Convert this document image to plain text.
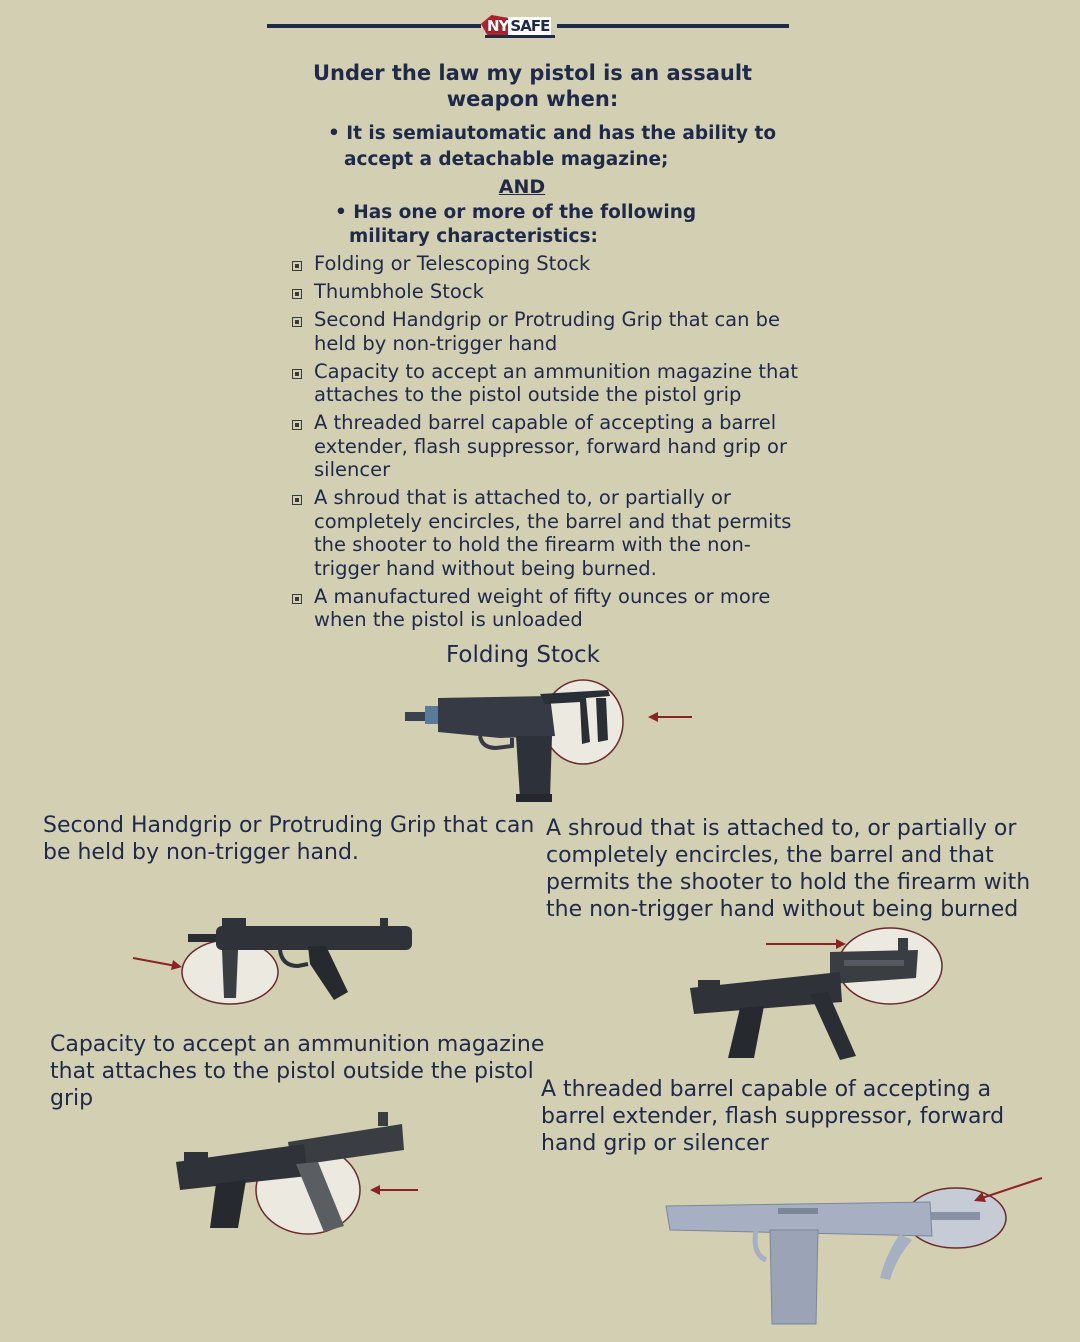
NY SAFE
Under the law my pistol is an assault
weapon when:
• It is semiautomatic and has the ability to
accept a detachable magazine;
AND
• Has one or more of the following
military characteristics:
Folding or Telescoping Stock
Thumbhole Stock
Second Handgrip or Protruding Grip that can be held by non-trigger hand
Capacity to accept an ammunition magazine that attaches to the pistol outside the pistol grip
A threaded barrel capable of accepting a barrel extender, flash suppressor, forward hand grip or silencer
A shroud that is attached to, or partially or completely encircles, the barrel and that permits the shooter to hold the firearm with the non-trigger hand without being burned.
A manufactured weight of fifty ounces or more when the pistol is unloaded
Folding Stock
Second Handgrip or Protruding Grip that can be held by non-trigger hand.
A shroud that is attached to, or partially or completely encircles, the barrel and that permits the shooter to hold the firearm with the non-trigger hand without being burned
Capacity to accept an ammunition magazine that attaches to the pistol outside the pistol grip	A threaded barrel capable of accepting a barrel extender, flash suppressor, forward hand grip or silencer
